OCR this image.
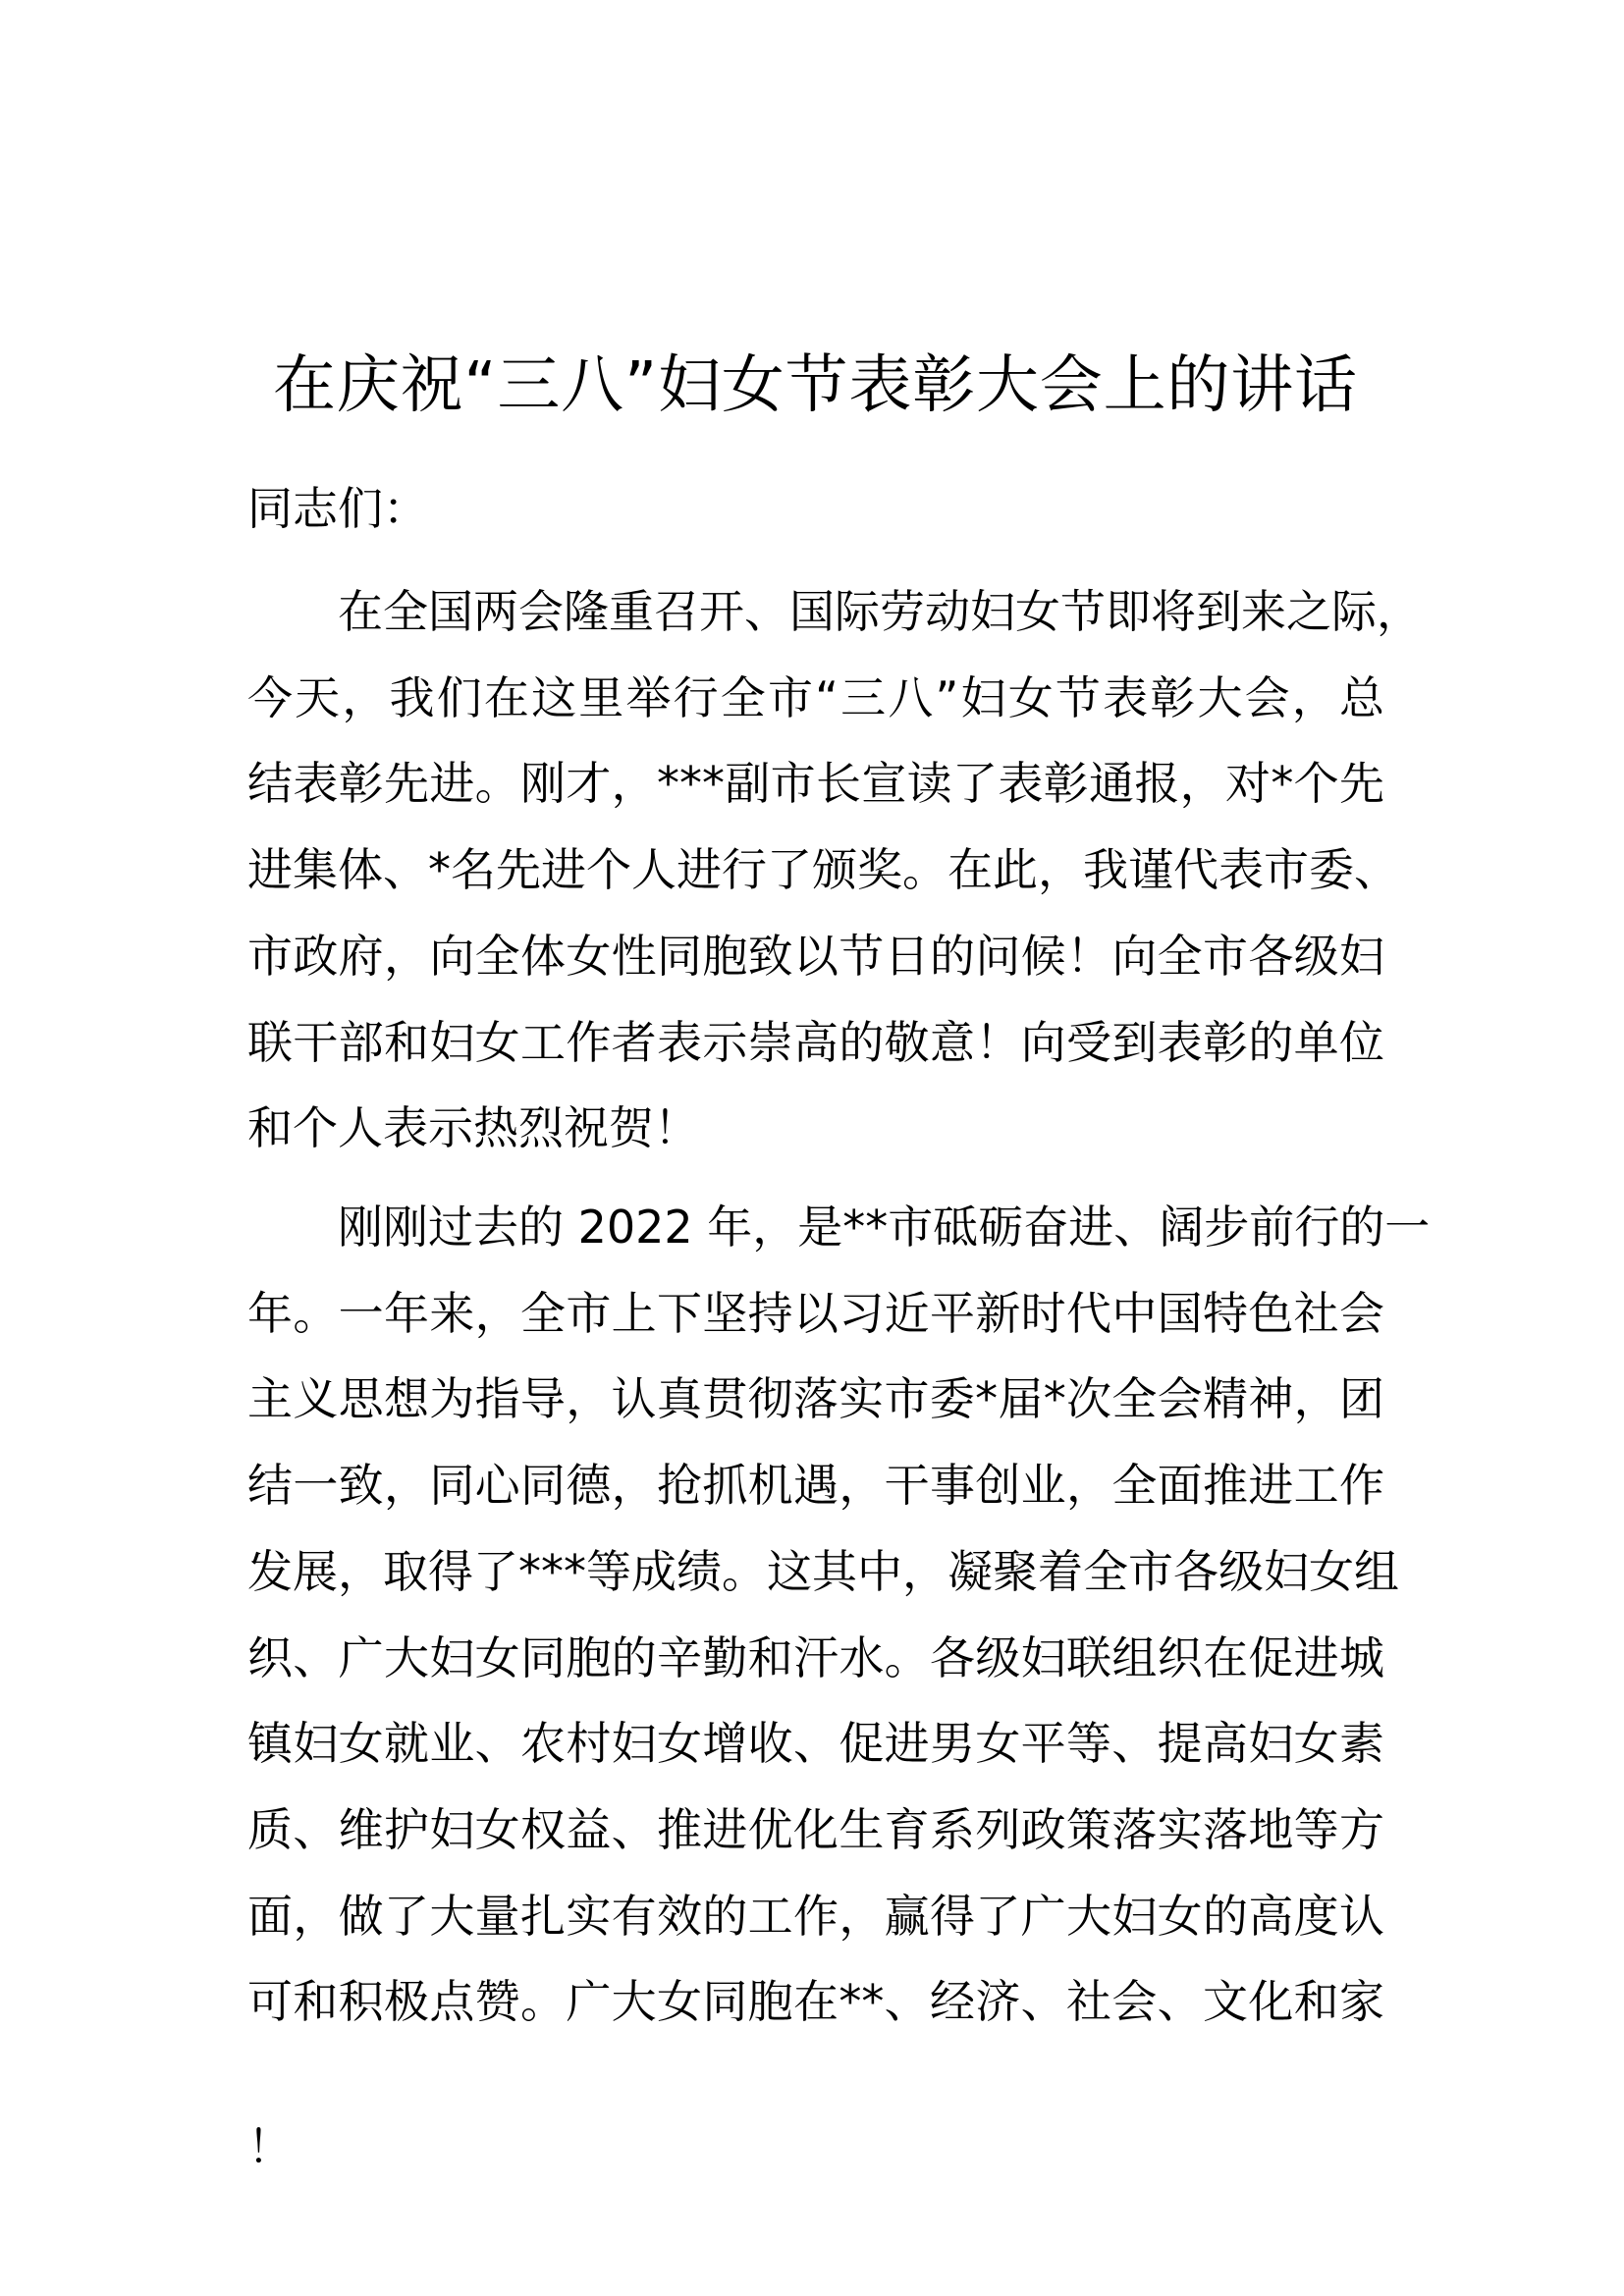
在庆祝“三八”妇女节表彰大会上的讲话
同志们：
在全国两会隆重召开、国际劳动妇女节即将到来之际，
今天，我们在这里举行全市“三八”妇女节表彰大会，总
结表彰先进。刚才，***副市长宣读了表彰通报，对*个先
进集体、*名先进个人进行了颁奖。在此，我谨代表市委、
市政府，向全体女性同胞致以节日的问候！向全市各级妇
联干部和妇女工作者表示崇高的敬意！向受到表彰的单位
和个人表示热烈祝贺！
刚刚过去的 2022 年，是**市砥砺奋进、阔步前行的一
年。一年来，全市上下坚持以习近平新时代中国特色社会
主义思想为指导，认真贯彻落实市委*届*次全会精神，团
结一致，同心同德，抢抓机遇，干事创业，全面推进工作
发展，取得了***等成绩。这其中，凝聚着全市各级妇女组
织、广大妇女同胞的辛勤和汗水。各级妇联组织在促进城
镇妇女就业、农村妇女增收、促进男女平等、提高妇女素
质、维护妇女权益、推进优化生育系列政策落实落地等方
面，做了大量扎实有效的工作，赢得了广大妇女的高度认
可和积极点赞。广大女同胞在**、经济、社会、文化和家
！
